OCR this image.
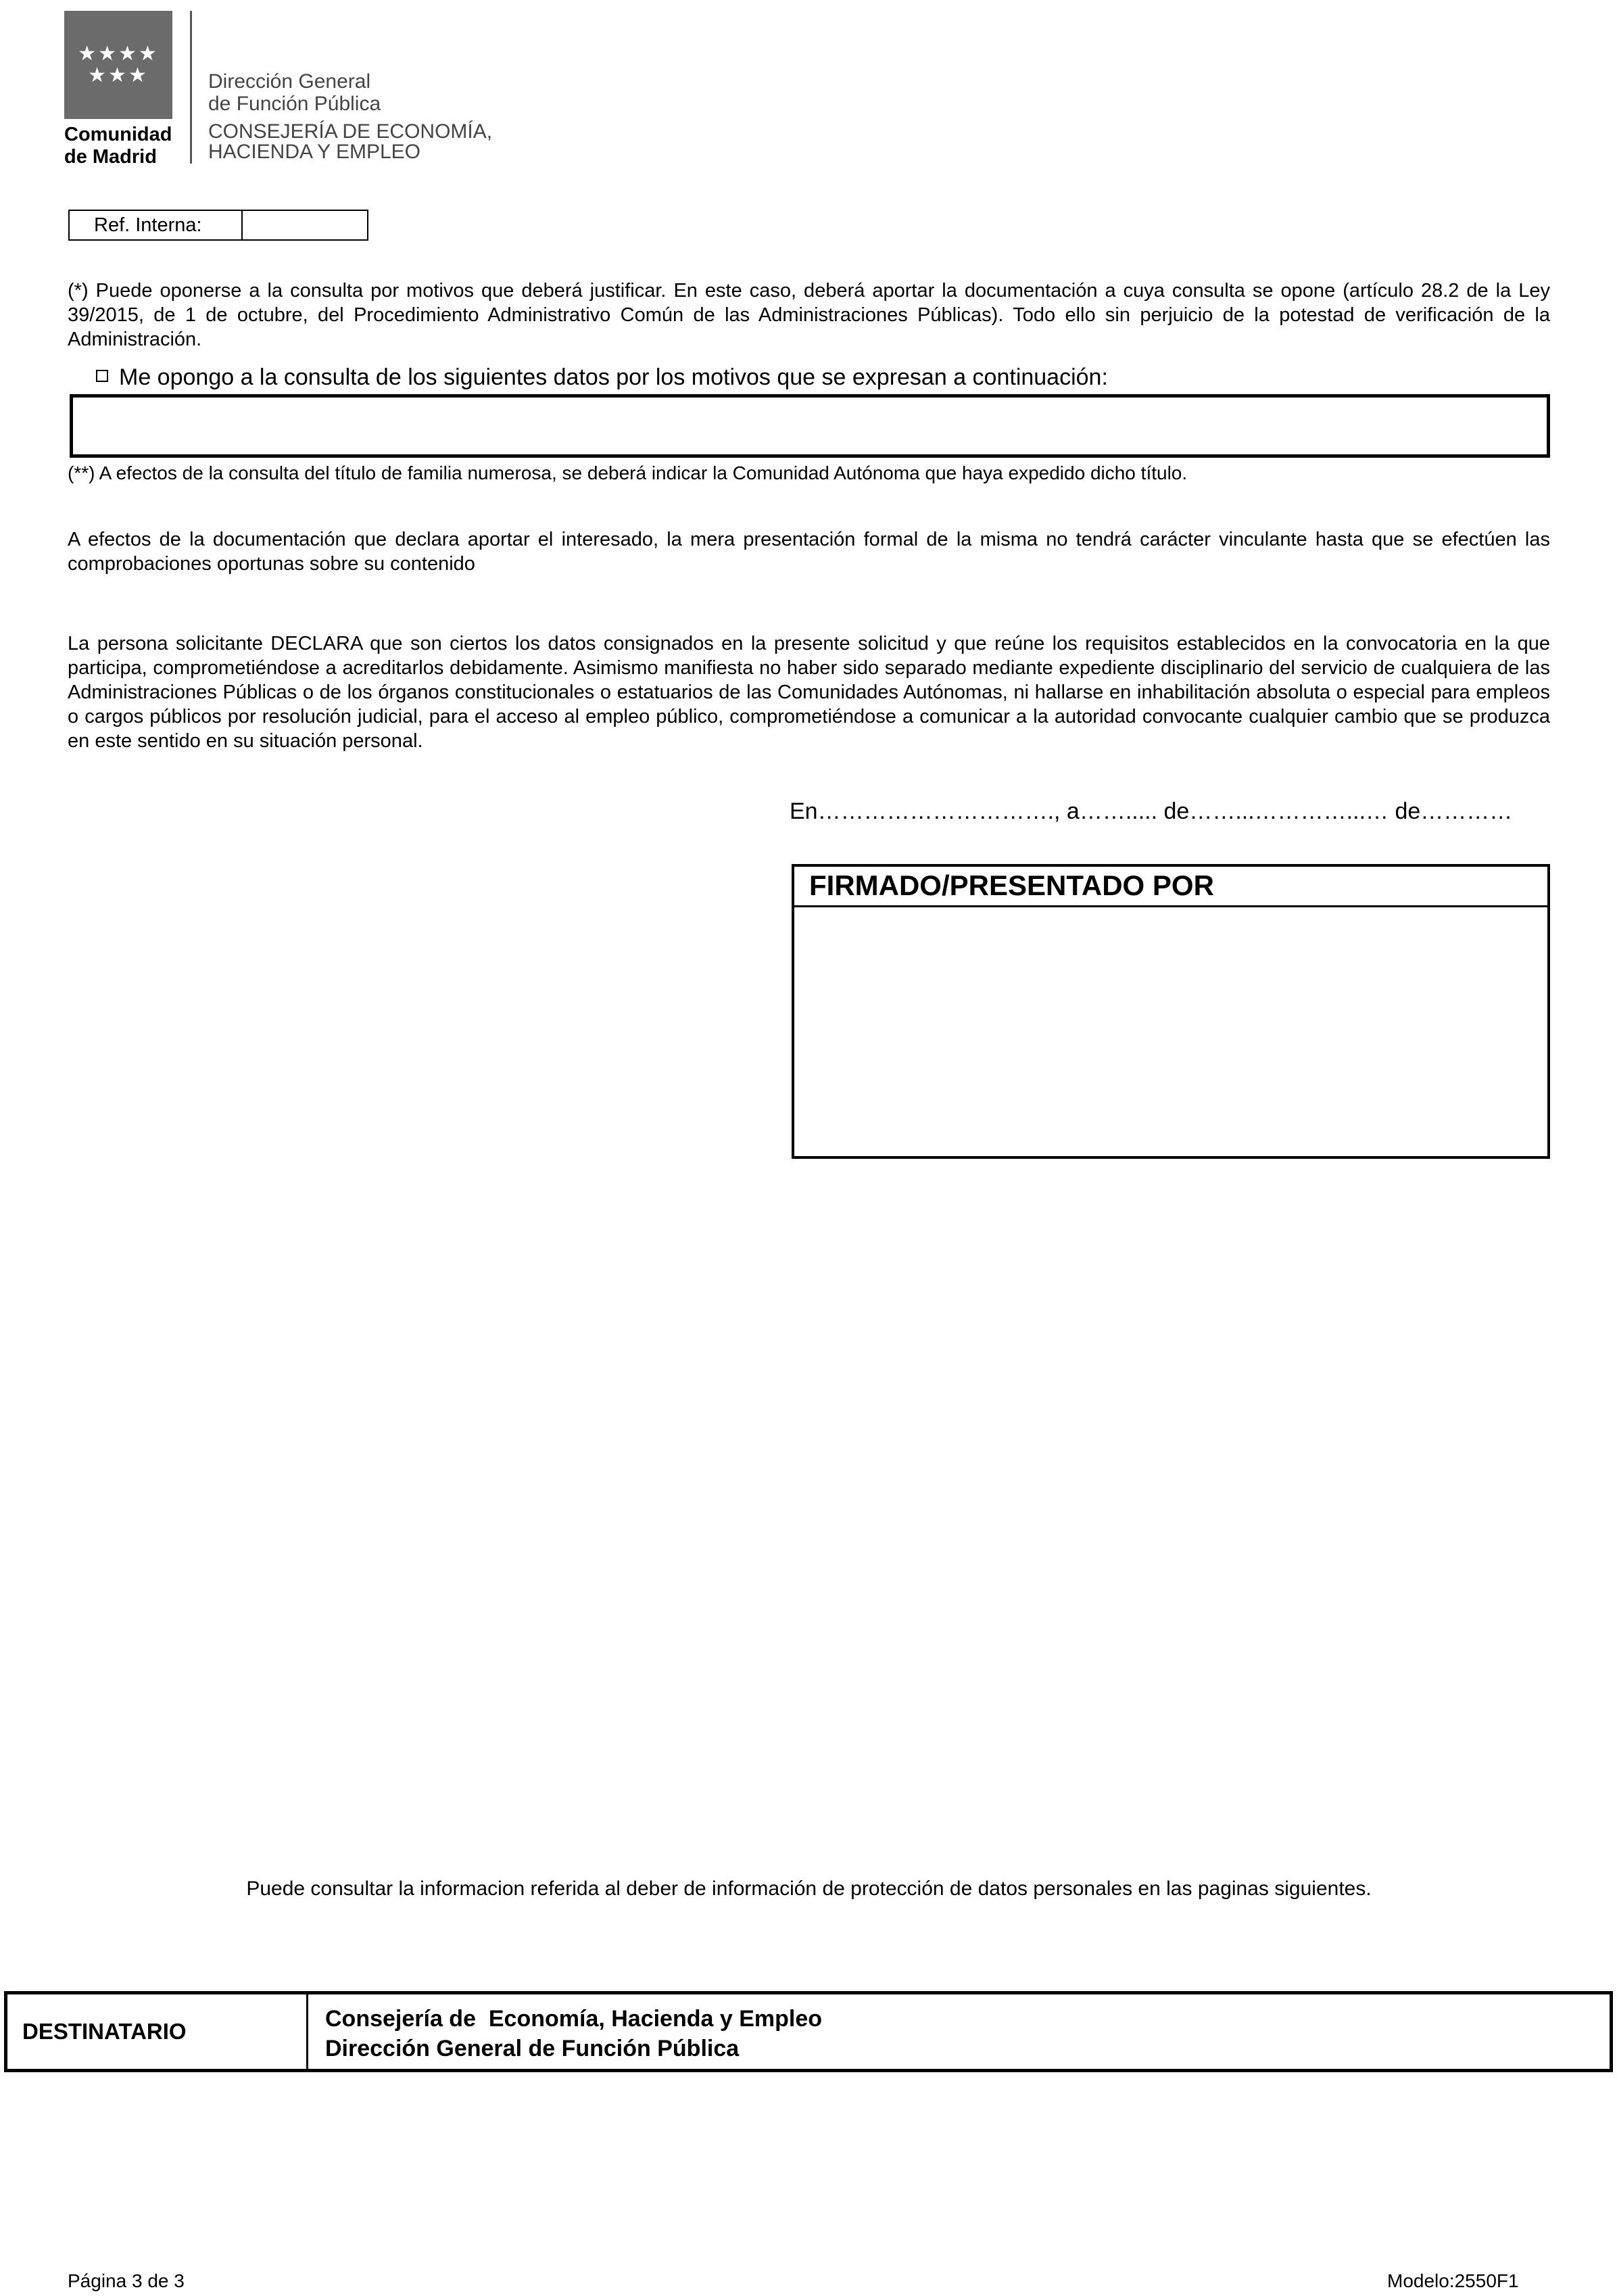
★★★★
★★★
Comunidad
de Madrid
Dirección General
de Función Pública
CONSEJERÍA DE ECONOMÍA,
HACIENDA Y EMPLEO
Ref. Interna:
(*) Puede oponerse a la consulta por motivos que deberá justificar. En este caso, deberá aportar la documentación a cuya consulta se opone (artículo 28.2 de la Ley 39/2015, de 1 de octubre, del Procedimiento Administrativo Común de las Administraciones Públicas). Todo ello sin perjuicio de la potestad de verificación de la Administración.
Me opongo a la consulta de los siguientes datos por los motivos que se expresan a continuación:
(**) A efectos de la consulta del título de familia numerosa, se deberá indicar la Comunidad Autónoma que haya expedido dicho título.
A efectos de la documentación que declara aportar el interesado, la mera presentación formal de la misma no tendrá carácter vinculante hasta que se efectúen las comprobaciones oportunas sobre su contenido
La persona solicitante DECLARA que son ciertos los datos consignados en la presente solicitud y que reúne los requisitos establecidos en la convocatoria en la que participa, comprometiéndose a acreditarlos debidamente. Asimismo manifiesta no haber sido separado mediante expediente disciplinario del servicio de cualquiera de las Administraciones Públicas o de los órganos constitucionales o estatuarios de las Comunidades Autónomas, ni hallarse en inhabilitación absoluta o especial para empleos o cargos públicos por resolución judicial, para el acceso al empleo público, comprometiéndose a comunicar a la autoridad convocante cualquier cambio que se produzca en este sentido en su situación personal.
En…………………………., a……..... de……...…………...… de…………
FIRMADO/PRESENTADO POR
Puede consultar la informacion referida al deber de información de protección de datos personales en las paginas siguientes.
DESTINATARIO	Consejería de  Economía, Hacienda y Empleo
Dirección General de Función Pública
Página 3 de 3	Modelo:2550F1
